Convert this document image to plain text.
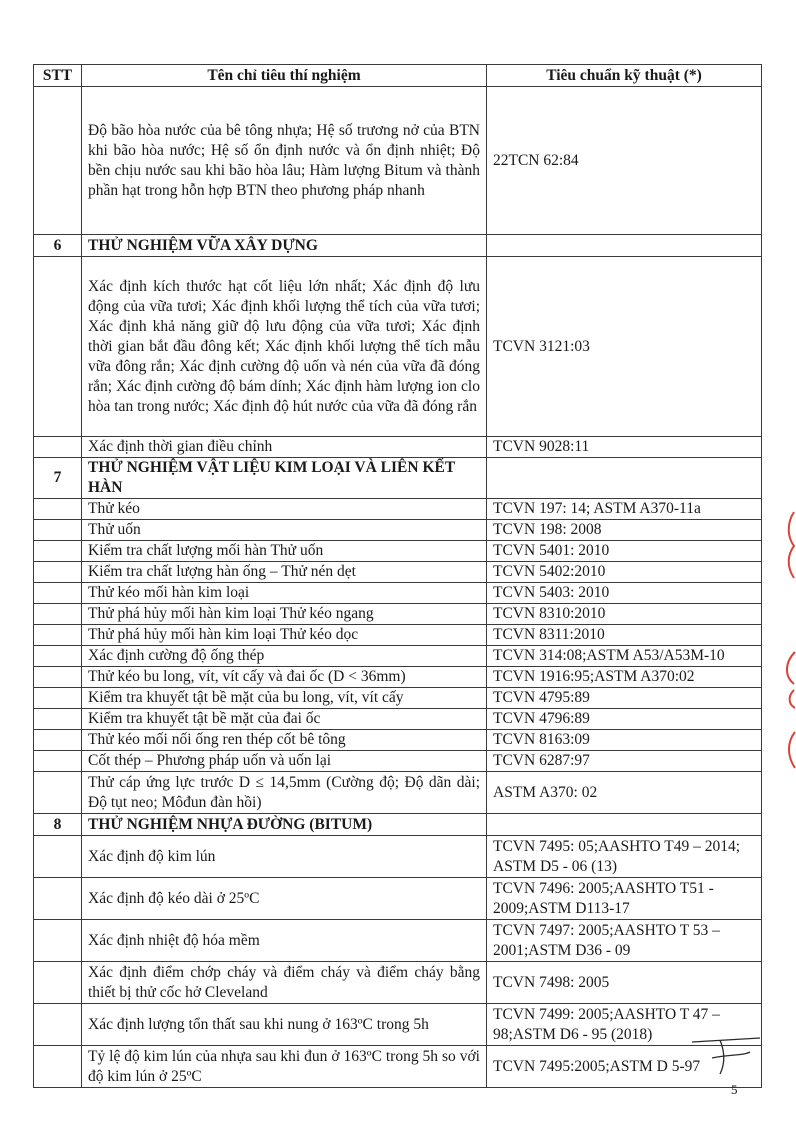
STT	Tên chỉ tiêu thí nghiệm	Tiêu chuẩn kỹ thuật (*)
	Độ bão hòa nước của bê tông nhựa; Hệ số trương nở của BTN khi bão hòa nước; Hệ số ổn định nước và ổn định nhiệt; Độ bền chịu nước sau khi bão hòa lâu; Hàm lượng Bitum và thành phần hạt trong hỗn hợp BTN theo phương pháp nhanh	22TCN 62:84
6	THỬ NGHIỆM VỮA XÂY DỰNG	
	Xác định kích thước hạt cốt liệu lớn nhất; Xác định độ lưu động của vữa tươi; Xác định khối lượng thể tích của vữa tươi; Xác định khả năng giữ độ lưu động của vữa tươi; Xác định thời gian bắt đầu đông kết; Xác định khối lượng thể tích mẫu vữa đông rắn; Xác định cường độ uốn và nén của vữa đã đóng rắn; Xác định cường độ bám dính; Xác định hàm lượng ion clo hòa tan trong nước; Xác định độ hút nước của vữa đã đóng rắn	TCVN 3121:03
	Xác định thời gian điều chỉnh	TCVN 9028:11
7	THỬ NGHIỆM VẬT LIỆU KIM LOẠI VÀ LIÊN KẾT HÀN	
	Thử kéo	TCVN 197: 14; ASTM A370-11a
	Thử uốn	TCVN 198: 2008
	Kiểm tra chất lượng mối hàn Thử uốn	TCVN 5401: 2010
	Kiểm tra chất lượng hàn ống – Thử nén dẹt	TCVN 5402:2010
	Thử kéo mối hàn kim loại	TCVN 5403: 2010
	Thử phá hủy mối hàn kim loại Thử kéo ngang	TCVN 8310:2010
	Thử phá hủy mối hàn kim loại Thử kéo dọc	TCVN 8311:2010
	Xác định cường độ ống thép	TCVN 314:08;ASTM A53/A53M-10
	Thử kéo bu long, vít, vít cấy và đai ốc (D < 36mm)	TCVN 1916:95;ASTM A370:02
	Kiểm tra khuyết tật bề mặt của bu long, vít, vít cấy	TCVN 4795:89
	Kiểm tra khuyết tật bề mặt của đai ốc	TCVN 4796:89
	Thử kéo mối nối ống ren thép cốt bê tông	TCVN 8163:09
	Cốt thép – Phương pháp uốn và uốn lại	TCVN 6287:97
	Thử cáp ứng lực trước D ≤ 14,5mm (Cường độ; Độ dãn dài; Độ tụt neo; Môđun đàn hồi)	ASTM A370: 02
8	THỬ NGHIỆM NHỰA ĐƯỜNG (BITUM)	
	Xác định độ kim lún	TCVN 7495: 05;AASHTO T49 – 2014; ASTM D5 - 06 (13)
	Xác định độ kéo dài ở 25ºC	TCVN 7496: 2005;AASHTO T51 - 2009;ASTM D113-17
	Xác định nhiệt độ hóa mềm	TCVN 7497: 2005;AASHTO T 53 – 2001;ASTM D36 - 09
	Xác định điểm chớp cháy và điểm cháy và điểm cháy bằng thiết bị thử cốc hở Cleveland	TCVN 7498: 2005
	Xác định lượng tổn thất sau khi nung ở 163ºC trong 5h	TCVN 7499: 2005;AASHTO T 47 – 98;ASTM D6 - 95 (2018)
	Tỷ lệ độ kim lún của nhựa sau khi đun ở 163ºC trong 5h so với độ kim lún ở 25ºC	TCVN 7495:2005;ASTM D 5-97
5
